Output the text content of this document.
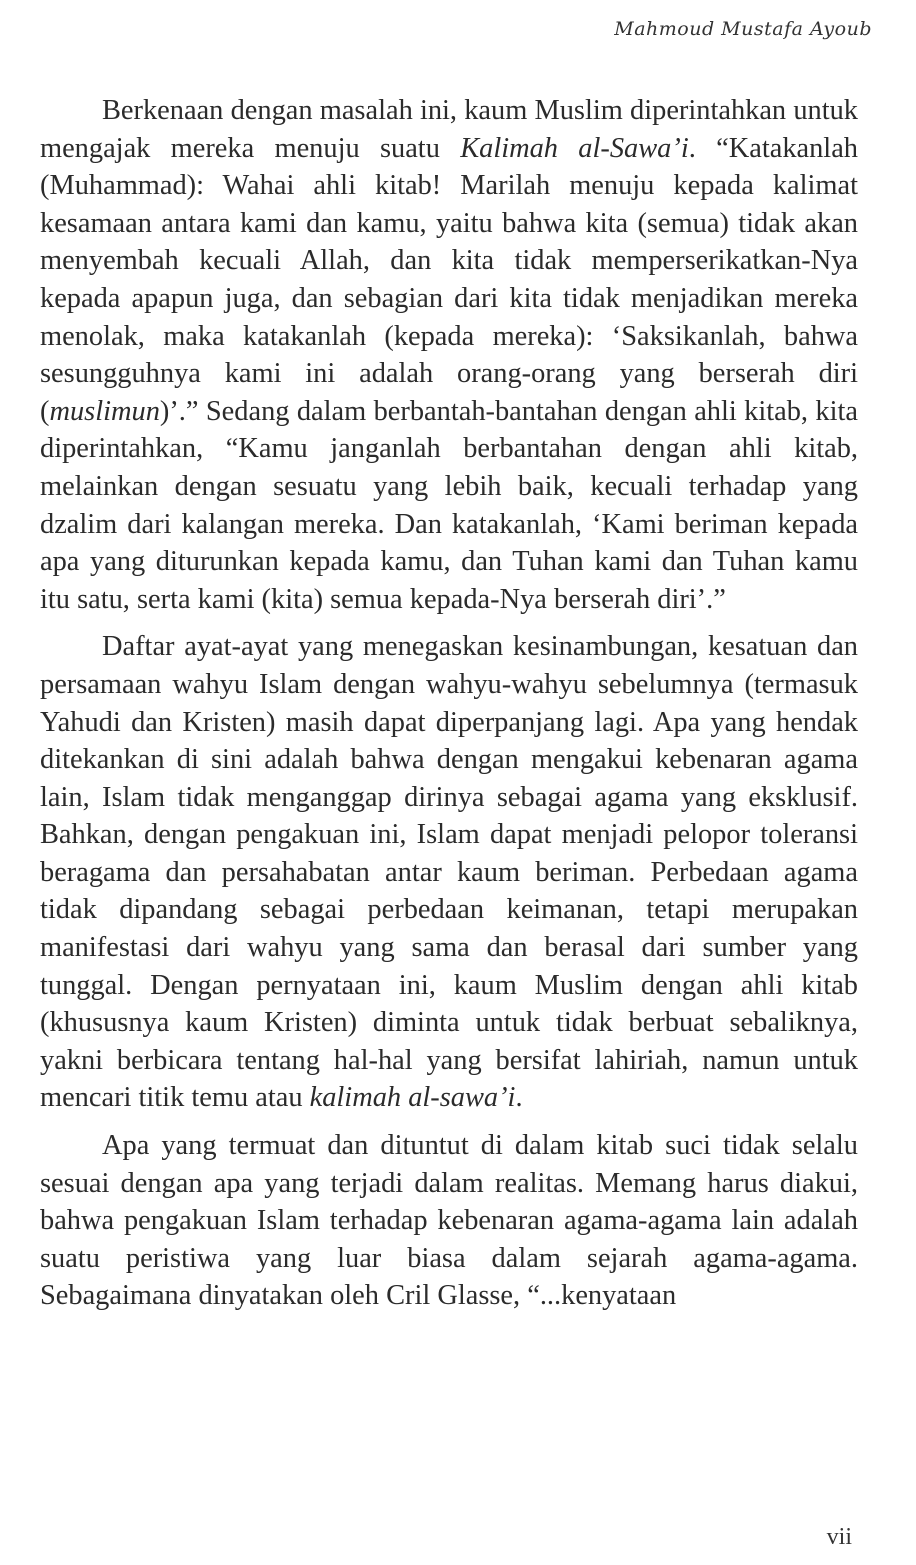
Mahmoud Mustafa Ayoub

Berkenaan dengan masalah ini, kaum Muslim diperintahkan untuk mengajak mereka menuju suatu Kalimah al-Sawa’i. “Katakanlah (Muhammad): Wahai ahli kitab! Marilah menuju kepada kalimat kesamaan antara kami dan kamu, yaitu bahwa kita (semua) tidak akan menyembah kecuali Allah, dan kita tidak memperserikatkan-Nya kepada apapun juga, dan sebagian dari kita tidak menjadikan mereka menolak, maka katakanlah (kepada mereka): ‘Saksikanlah, bahwa sesungguhnya kami ini adalah orang-orang yang berserah diri (muslimun)’.” Sedang dalam berbantah-bantahan dengan ahli kitab, kita diperintahkan, “Kamu janganlah berbantahan dengan ahli kitab, melainkan dengan sesuatu yang lebih baik, kecuali terhadap yang dzalim dari kalangan mereka. Dan katakanlah, ‘Kami beriman kepada apa yang diturunkan kepada kamu, dan Tuhan kami dan Tuhan kamu itu satu, serta kami (kita) semua kepada-Nya berserah diri’.”

Daftar ayat-ayat yang menegaskan kesinambungan, kesatuan dan persamaan wahyu Islam dengan wahyu-wahyu sebelumnya (termasuk Yahudi dan Kristen) masih dapat diperpanjang lagi. Apa yang hendak ditekankan di sini adalah bahwa dengan mengakui kebenaran agama lain, Islam tidak menganggap dirinya sebagai agama yang eksklusif. Bahkan, dengan pengakuan ini, Islam dapat menjadi pelopor toleransi beragama dan persahabatan antar kaum beriman. Perbedaan agama tidak dipandang sebagai perbedaan keimanan, tetapi merupakan manifestasi dari wahyu yang sama dan berasal dari sumber yang tunggal. Dengan pernyataan ini, kaum Muslim dengan ahli kitab (khususnya kaum Kristen) diminta untuk tidak berbuat sebaliknya, yakni berbicara tentang hal-hal yang bersifat lahiriah, namun untuk mencari titik temu atau kalimah al-sawa’i.

Apa yang termuat dan dituntut di dalam kitab suci tidak selalu sesuai dengan apa yang terjadi dalam realitas. Memang harus diakui, bahwa pengakuan Islam terhadap kebenaran agama-agama lain adalah suatu peristiwa yang luar biasa dalam sejarah agama-agama. Sebagaimana dinyatakan oleh Cril Glasse, “...kenyataan

vii
